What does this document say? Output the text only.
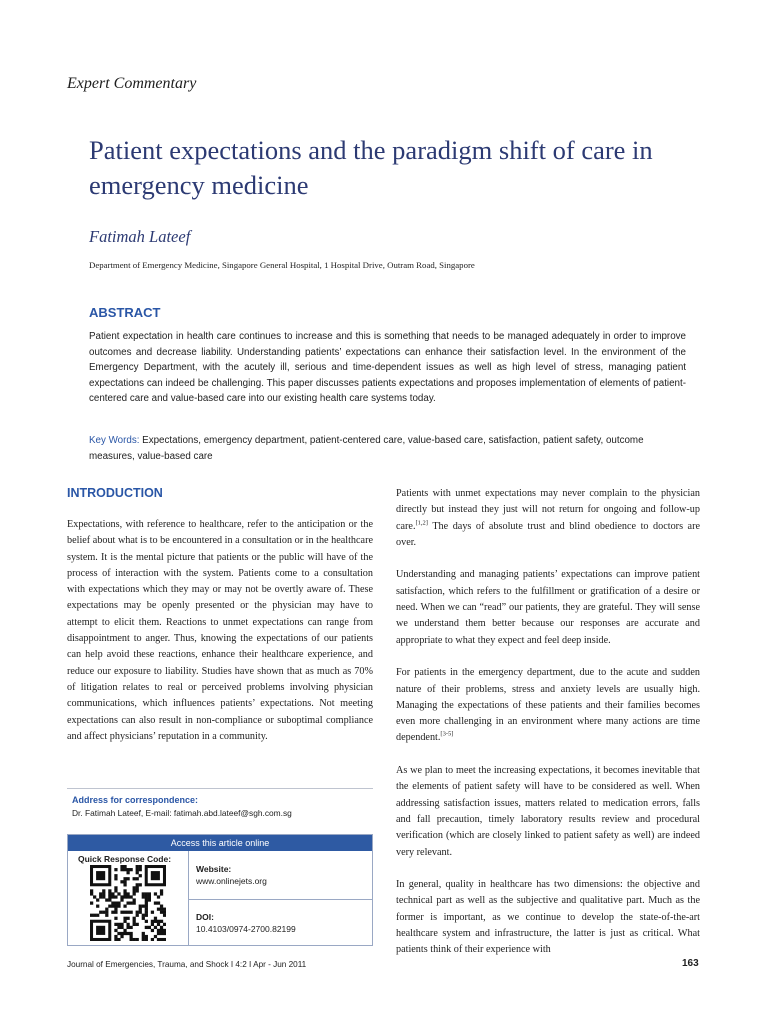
Expert Commentary
Patient expectations and the paradigm shift of care in emergency medicine
Fatimah Lateef
Department of Emergency Medicine, Singapore General Hospital, 1 Hospital Drive, Outram Road, Singapore
ABSTRACT

Patient expectation in health care continues to increase and this is something that needs to be managed adequately in order to improve outcomes and decrease liability. Understanding patients’ expectations can enhance their satisfaction level. In the environment of the Emergency Department, with the acutely ill, serious and time-dependent issues as well as high level of stress, managing patient expectations can indeed be challenging. This paper discusses patients expectations and proposes implementation of elements of patient-centered care and value-based care into our existing health care systems today.

Key Words: Expectations, emergency department, patient-centered care, value-based care, satisfaction, patient safety, outcome measures, value-based care

INTRODUCTION

Expectations, with reference to healthcare, refer to the anticipation or the belief about what is to be encountered in a consultation or in the healthcare system. It is the mental picture that patients or the public will have of the process of interaction with the system. Patients come to a consultation with expectations which they may or may not be overtly aware of. These expectations may be openly presented or the physician may have to attempt to elicit them. Reactions to unmet expectations can range from disappointment to anger. Thus, knowing the expectations of our patients can help avoid these reactions, enhance their healthcare experience, and reduce our exposure to liability. Studies have shown that as much as 70% of litigation relates to real or perceived problems involving physician communications, which influences patients’ expectations. Not meeting expectations can also result in non-compliance or suboptimal compliance and affect physicians’ reputation in a community.

Address for correspondence:
Dr. Fatimah Lateef, E-mail: fatimah.abd.lateef@sgh.com.sg
Access this article online
Quick Response Code:
Website:
www.onlinejets.org
DOI:
10.4103/0974-2700.82199

Patients with unmet expectations may never complain to the physician directly but instead they just will not return for ongoing and follow-up care.[1,2] The days of absolute trust and blind obedience to doctors are over.

Understanding and managing patients’ expectations can improve patient satisfaction, which refers to the fulfillment or gratification of a desire or need. When we can “read” our patients, they are grateful. They will sense we understand them better because our responses are accurate and appropriate to what they expect and feel deep inside.

For patients in the emergency department, due to the acute and sudden nature of their problems, stress and anxiety levels are usually high. Managing the expectations of these patients and their families becomes even more challenging in an environment where many actions are time dependent.[3-5]

As we plan to meet the increasing expectations, it becomes inevitable that the elements of patient safety will have to be considered as well. When addressing satisfaction issues, matters related to medication errors, falls and fall precaution, timely laboratory results review and procedural verification (which are closely linked to patient safety as well) are indeed very relevant.

In general, quality in healthcare has two dimensions: the objective and technical part as well as the subjective and qualitative part. Much as the former is important, as we continue to develop the state-of-the-art healthcare system and infrastructure, the latter is just as critical. What patients think of their experience with

Journal of Emergencies, Trauma, and Shock I 4:2 I Apr - Jun 2011	163
